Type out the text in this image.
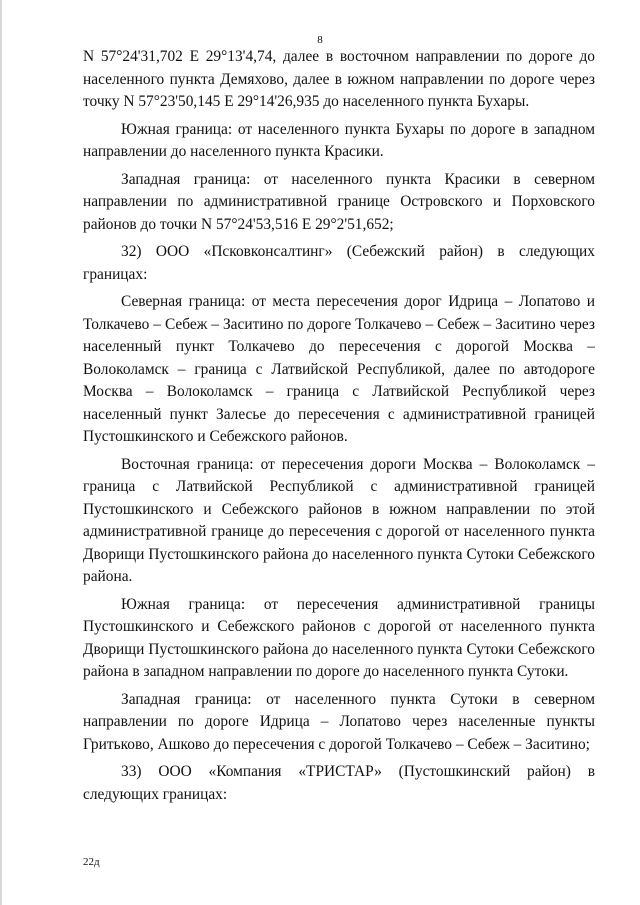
8

N 57°24'31,702 Е 29°13'4,74, далее в восточном направлении по дороге до населенного пункта Демяхово, далее в южном направлении по дороге через точку N 57°23'50,145 Е 29°14'26,935 до населенного пункта Бухары.

Южная граница: от населенного пункта Бухары по дороге в западном направлении до населенного пункта Красики.

Западная граница: от населенного пункта Красики в северном направлении по административной границе Островского и Порховского районов до точки N 57°24'53,516 Е 29°2'51,652;

32) ООО «Псковконсалтинг» (Себежский район) в следующих границах:

Северная граница: от места пересечения дорог Идрица – Лопатово и Толкачево – Себеж – Заситино по дороге Толкачево – Себеж – Заситино через населенный пункт Толкачево до пересечения с дорогой Москва – Волоколамск – граница с Латвийской Республикой, далее по автодороге Москва – Волоколамск – граница с Латвийской Республикой через населенный пункт Залесье до пересечения с административной границей Пустошкинского и Себежского районов.

Восточная граница: от пересечения дороги Москва – Волоколамск – граница с Латвийской Республикой с административной границей Пустошкинского и Себежского районов в южном направлении по этой административной границе до пересечения с дорогой от населенного пункта Дворищи Пустошкинского района до населенного пункта Сутоки Себежского района.

Южная граница: от пересечения административной границы Пустошкинского и Себежского районов с дорогой от населенного пункта Дворищи Пустошкинского района до населенного пункта Сутоки Себежского района в западном направлении по дороге до населенного пункта Сутоки.

Западная граница: от населенного пункта Сутоки в северном направлении по дороге Идрица – Лопатово через населенные пункты Гритьково, Ашково до пересечения с дорогой Толкачево – Себеж – Заситино;

33) ООО «Компания «ТРИСТАР» (Пустошкинский район) в следующих границах:

22д
